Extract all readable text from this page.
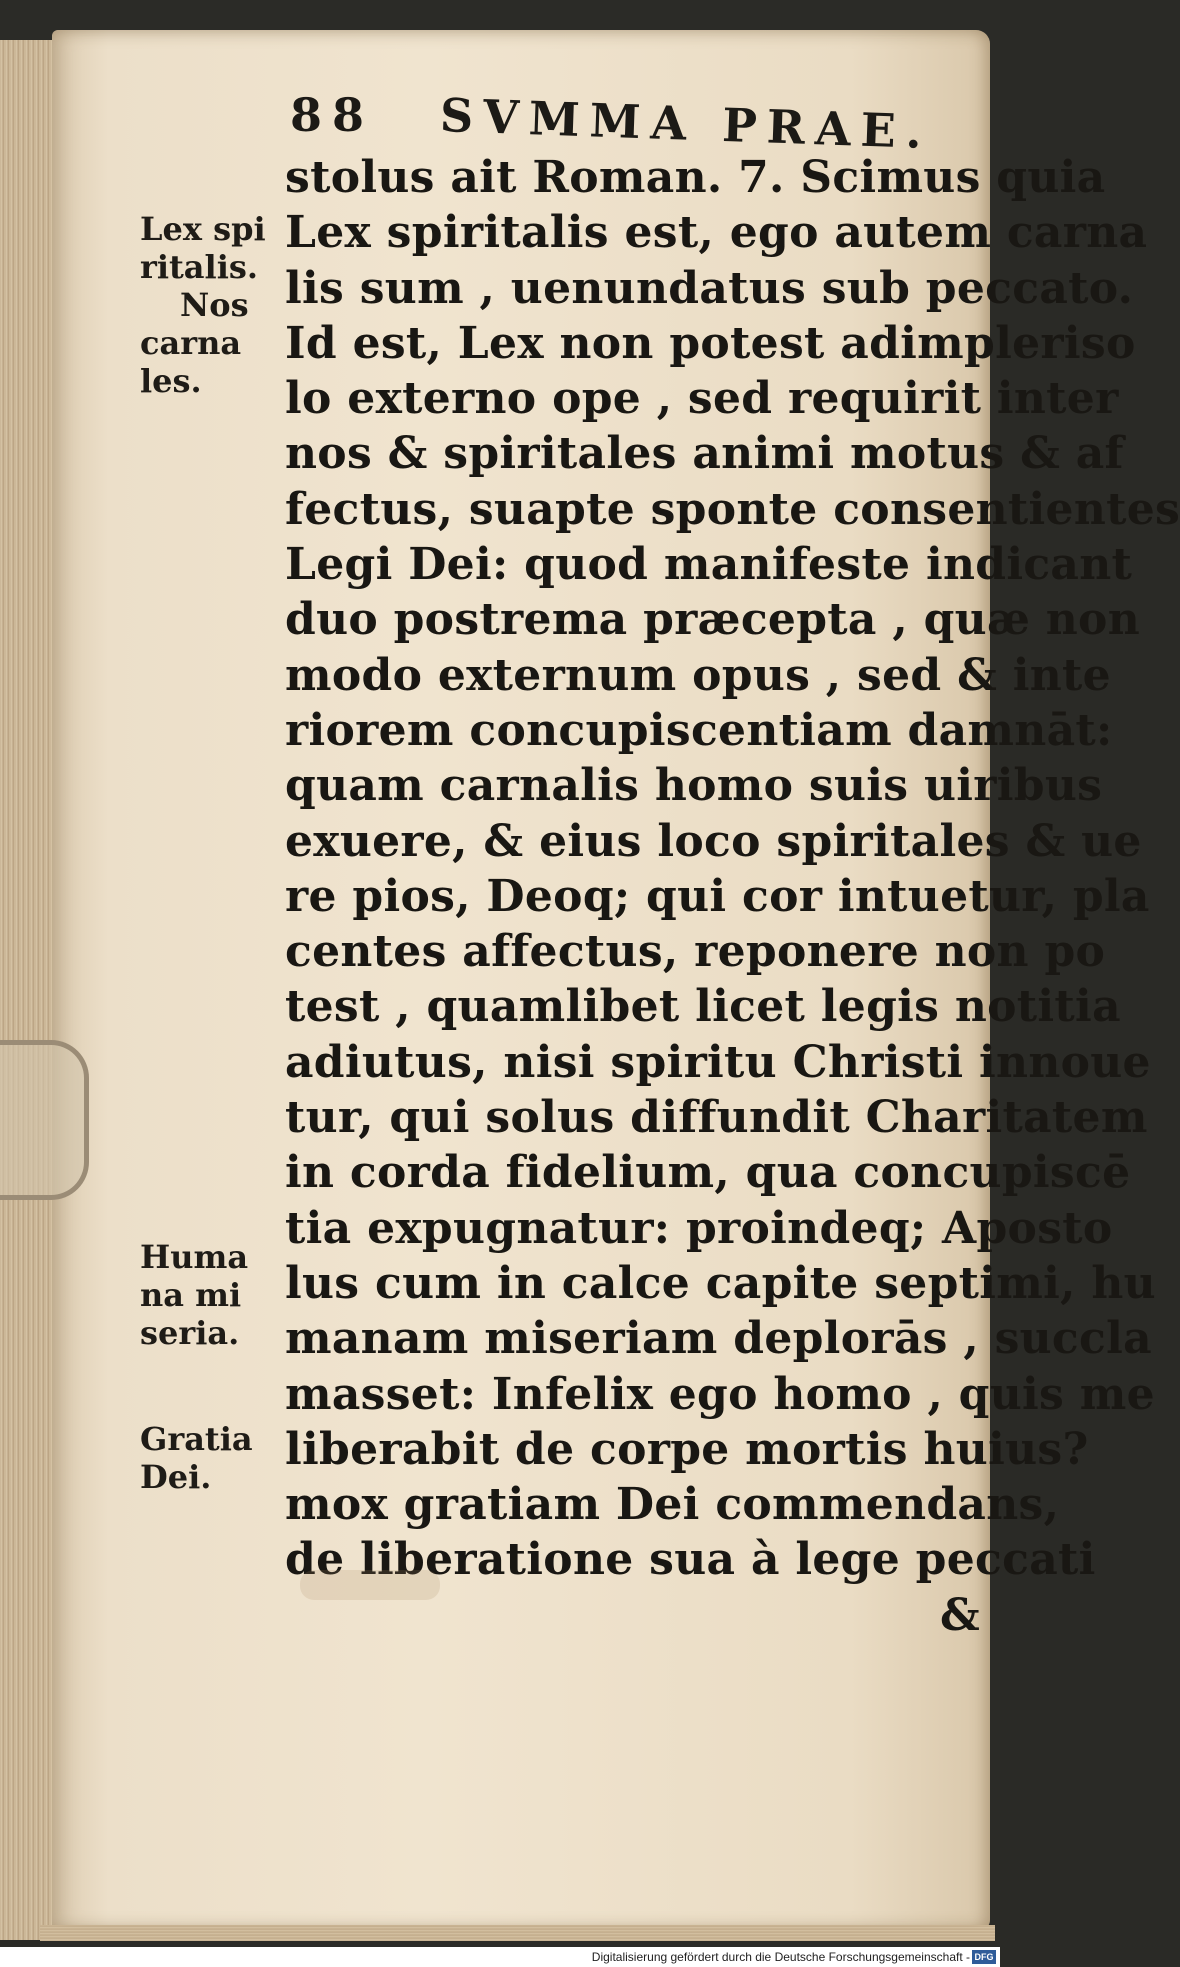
88 SVMMA PRAE.
Lex spi
ritalis.
Nos
carna
les.
Huma
na mi
seria.
Gratia
Dei.
stolus ait Roman. 7. Scimus quia
Lex spiritalis est, ego autem carna
lis sum , uenundatus sub peccato.
Id est, Lex non potest adimpleriso
lo externo ope , sed requirit inter
nos & spiritales animi motus & af
fectus, suapte sponte consentientes
Legi Dei: quod manifeste indicant
duo postrema præcepta , quæ non
modo externum opus , sed & inte
riorem concupiscentiam damnāt:
quam carnalis homo suis uiribus
exuere, & eius loco spiritales & ue
re pios, Deoq; qui cor intuetur, pla
centes affectus, reponere non po
test , quamlibet licet legis notitia
adiutus, nisi spiritu Christi innoue
tur, qui solus diffundit Charitatem
in corda fidelium, qua concupiscē
tia expugnatur: proindeq; Aposto
lus cum in calce capite septimi, hu
manam miseriam deplorās , succla
masset: Infelix ego homo , quis me
liberabit de corpe mortis huius?
mox gratiam Dei commendans,
de liberatione sua à lege peccati
&
Digitalisierung gefördert durch die Deutsche Forschungsgemeinschaft - DFG
